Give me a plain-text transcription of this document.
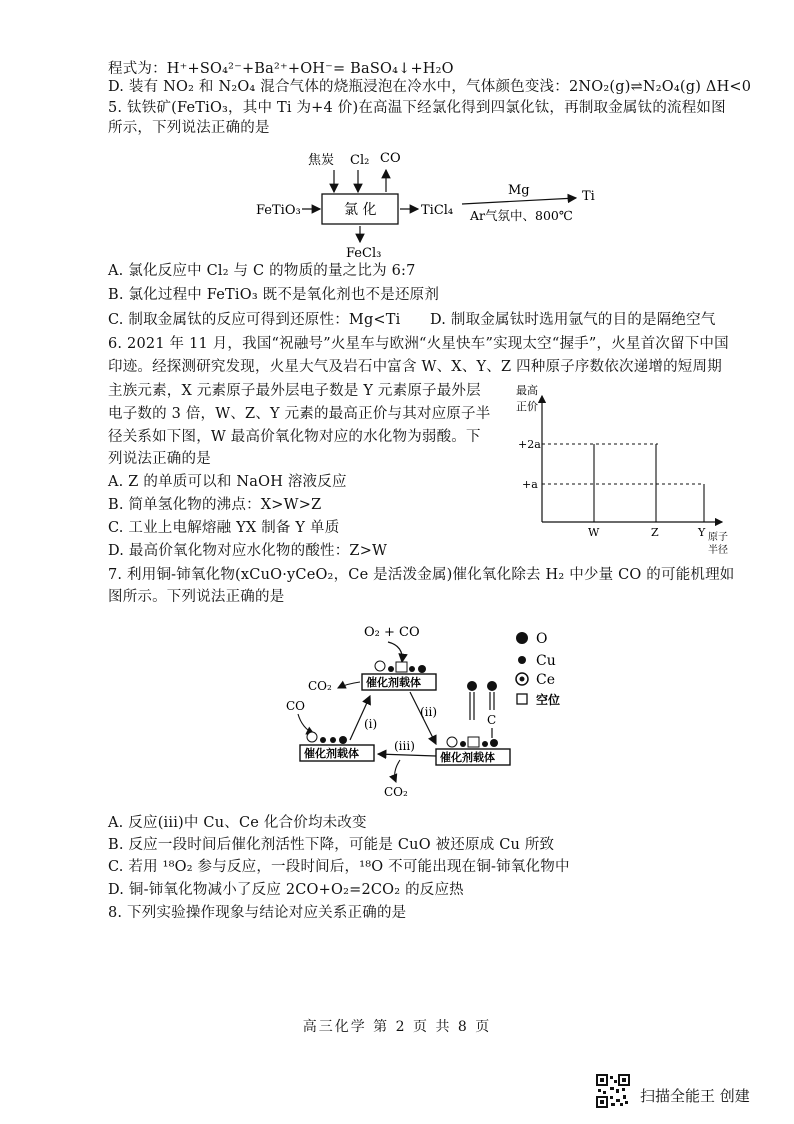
程式为：H⁺+SO₄²⁻+Ba²⁺+OH⁻= BaSO₄↓+H₂O
D. 装有 NO₂ 和 N₂O₄ 混合气体的烧瓶浸泡在冷水中，气体颜色变浅：2NO₂(g)⇌N₂O₄(g) ΔH<0
5. 钛铁矿(FeTiO₃，其中 Ti 为+4 价)在高温下经氯化得到四氯化钛，再制取金属钛的流程如图
所示，下列说法正确的是
焦炭 Cl₂ CO
氯 化
FeTiO₃	TiCl₄
Mg
Ar气氛中、800℃
Ti
FeCl₃
A. 氯化反应中 Cl₂ 与 C 的物质的量之比为 6:7
B. 氯化过程中 FeTiO₃ 既不是氧化剂也不是还原剂
C. 制取金属钛的反应可得到还原性：Mg<Ti D. 制取金属钛时选用氩气的目的是隔绝空气
6. 2021 年 11 月，我国“祝融号”火星车与欧洲“火星快车”实现太空“握手”，火星首次留下中国
印迹。经探测研究发现，火星大气及岩石中富含 W、X、Y、Z 四种原子序数依次递增的短周期
主族元素，X 元素原子最外层电子数是 Y 元素原子最外层
电子数的 3 倍，W、Z、Y 元素的最高正价与其对应原子半
径关系如下图，W 最高价氧化物对应的水化物为弱酸。下
列说法正确的是
最高
正价
+2a
+a
W	Z	Y 原子
半径
A. Z 的单质可以和 NaOH 溶液反应
B. 简单氢化物的沸点：X>W>Z
C. 工业上电解熔融 YX 制备 Y 单质
D. 最高价氧化物对应水化物的酸性：Z>W
7. 利用铜-铈氧化物(xCuO·yCeO₂，Ce 是活泼金属)催化氧化除去 H₂ 中少量 CO 的可能机理如
图所示。下列说法正确的是
O₂ + CO
催化剂载体
CO₂
(i)
(ii)
CO
催化剂载体
(iii)
CO₂
C
催化剂载体
O
Cu
Ce
空位
A. 反应(iii)中 Cu、Ce 化合价均未改变
B. 反应一段时间后催化剂活性下降，可能是 CuO 被还原成 Cu 所致
C. 若用 ¹⁸O₂ 参与反应，一段时间后，¹⁸O 不可能出现在铜-铈氧化物中
D. 铜-铈氧化物减小了反应 2CO+O₂=2CO₂ 的反应热
8. 下列实验操作现象与结论对应关系正确的是
高三化学 第 2 页 共 8 页
扫描全能王 创建
